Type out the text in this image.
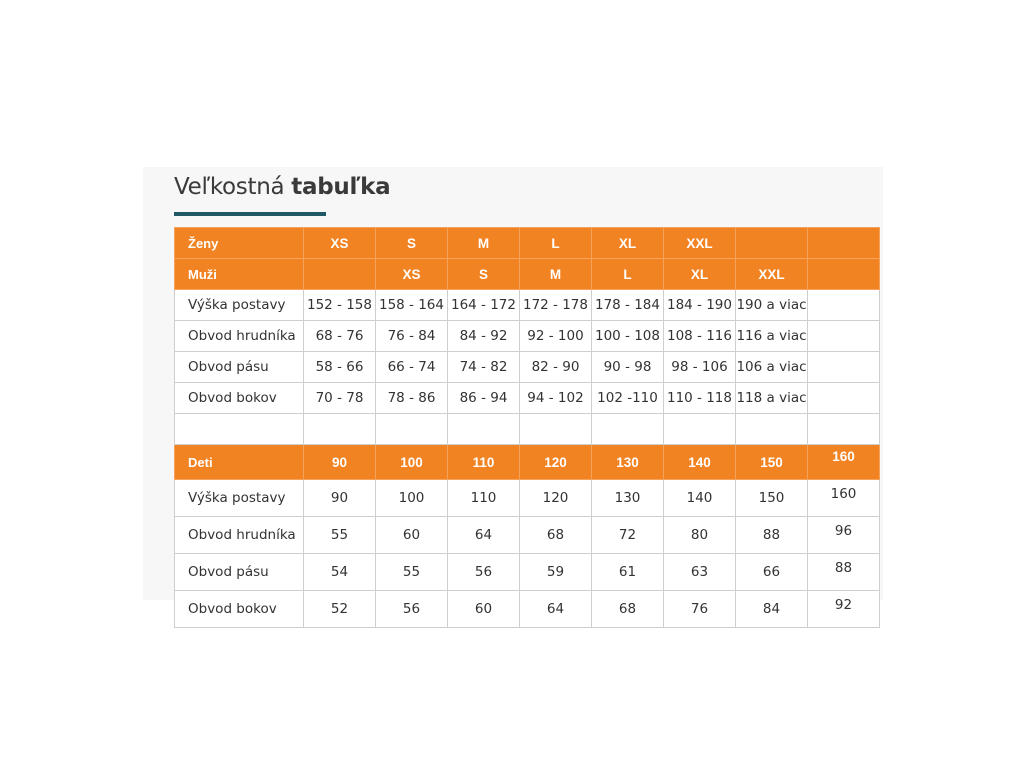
Veľkostná tabuľka
Ženy	XS	S	M	L	XL	XXL		
Muži		XS	S	M	L	XL	XXL	
Výška postavy	152 - 158	158 - 164	164 - 172	172 - 178	178 - 184	184 - 190	190 a viac	
Obvod hrudníka	68 - 76	76 - 84	84 - 92	92 - 100	100 - 108	108 - 116	116 a viac	
Obvod pásu	58 - 66	66 - 74	74 - 82	82 - 90	90 - 98	98 - 106	106 a viac	
Obvod bokov	70 - 78	78 - 86	86 - 94	94 - 102	102 -110	110 - 118	118 a viac	

Deti	90	100	110	120	130	140	150	160
Výška postavy	90	100	110	120	130	140	150	160
Obvod hrudníka	55	60	64	68	72	80	88	96
Obvod pásu	54	55	56	59	61	63	66	88
Obvod bokov	52	56	60	64	68	76	84	92
